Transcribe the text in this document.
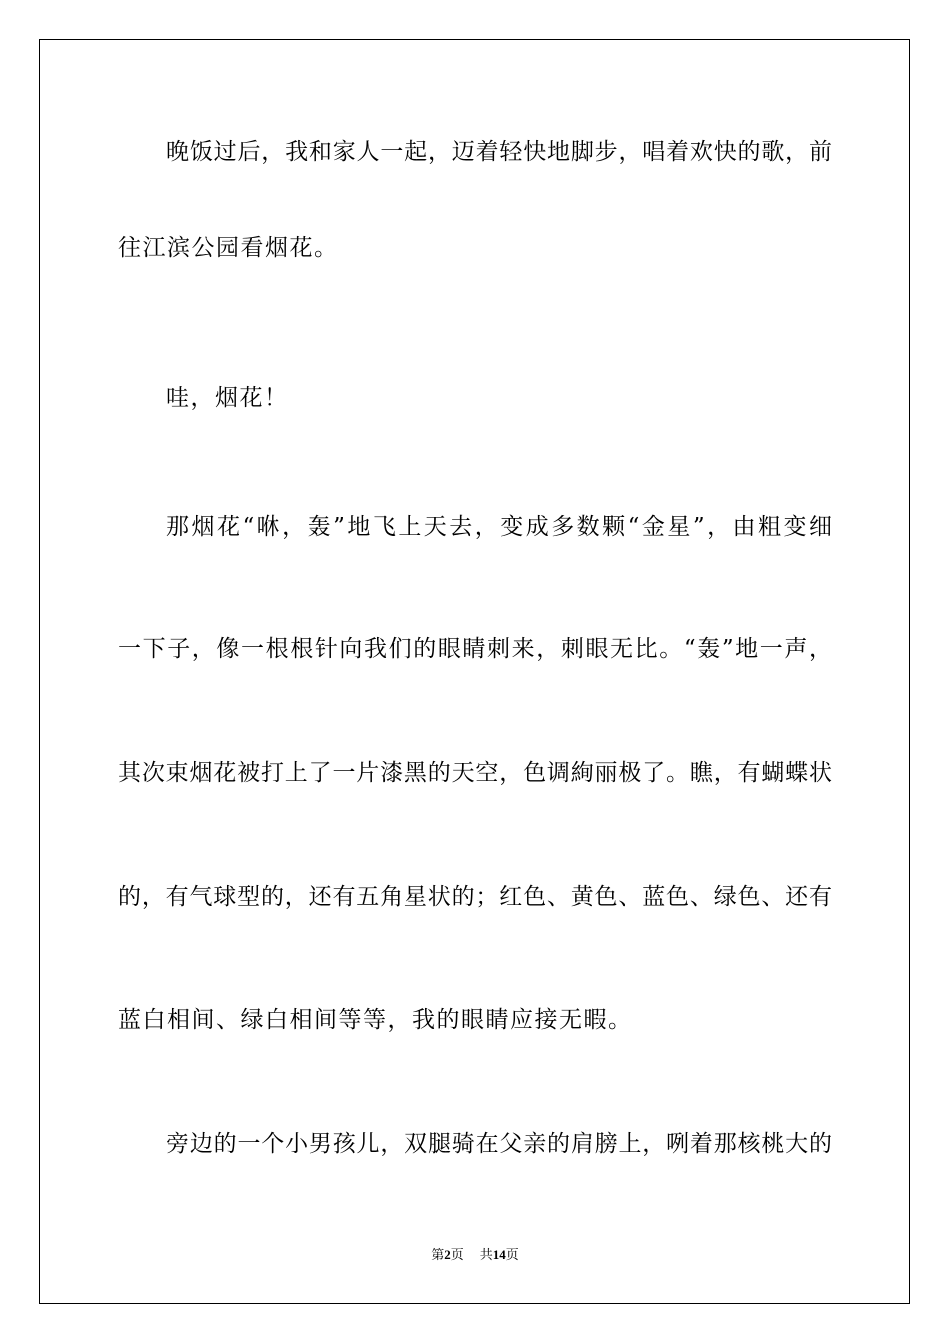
晚饭过后，我和家人一起，迈着轻快地脚步，唱着欢快的歌，前
往江滨公园看烟花。
哇，烟花！
那烟花“咻，轰”地飞上天去，变成多数颗“金星”，由粗变细
一下子，像一根根针向我们的眼睛刺来，刺眼无比。“轰”地一声，
其次束烟花被打上了一片漆黑的天空，色调絢丽极了。瞧，有蝴蝶状
的，有气球型的，还有五角星状的；红色、黄色、蓝色、绿色、还有
蓝白相间、绿白相间等等，我的眼睛应接无暇。
旁边的一个小男孩儿，双腿骑在父亲的肩膀上，咧着那核桃大的
第2页 共14页
